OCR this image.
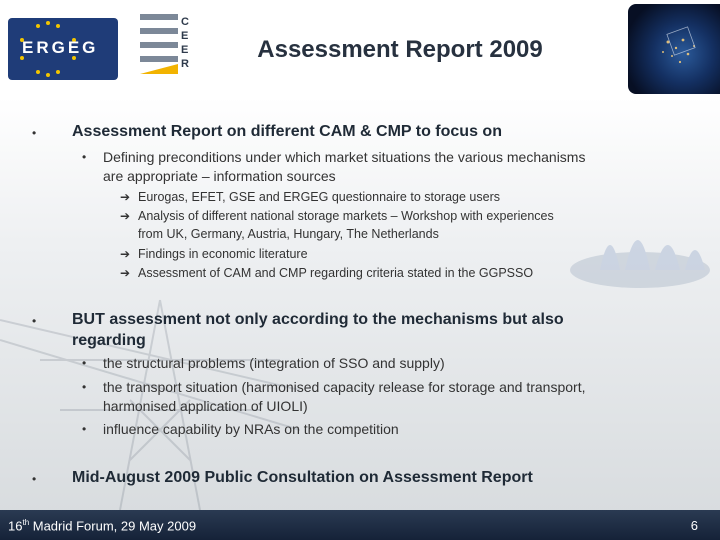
ERGEG
C
E
E
R
Assessment Report 2009
• Assessment Report on different CAM & CMP to focus on
• Defining preconditions under which market situations the various mechanisms
are appropriate – information sources
➔ Eurogas, EFET, GSE and ERGEG questionnaire to storage users
➔ Analysis of different national storage markets – Workshop with experiences
from UK, Germany, Austria, Hungary, The Netherlands
➔ Findings in economic literature
➔ Assessment of CAM and CMP regarding criteria stated in the GGPSSO
• BUT assessment not only according to the mechanisms but also
regarding
• the structural problems (integration of SSO and supply)
• the transport situation (harmonised capacity release for storage and transport,
harmonised application of UIOLI)
• influence capability by NRAs on the competition
• Mid-August 2009 Public Consultation on Assessment Report
16th Madrid Forum, 29 May 2009	6
